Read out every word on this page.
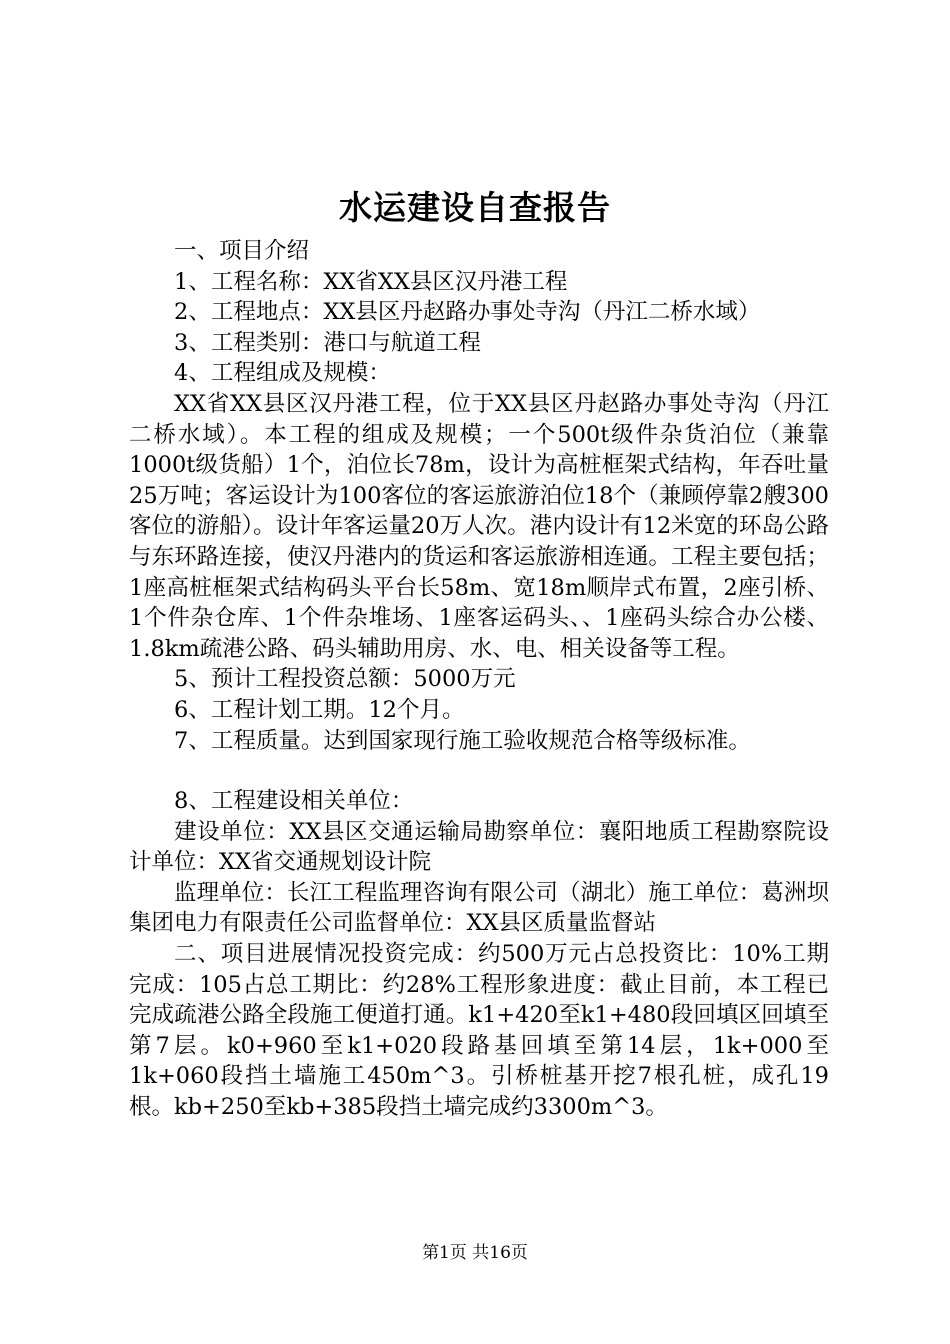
水运建设自查报告

一、项目介绍

1、工程名称：XX省XX县区汉丹港工程

2、工程地点：XX县区丹赵路办事处寺沟（丹江二桥水域）

3、工程类别：港口与航道工程

4、工程组成及规模：

XX省XX县区汉丹港工程，位于XX县区丹赵路办事处寺沟（丹江二桥水域）。本工程的组成及规模；一个500t级件杂货泊位（兼靠1000t级货船）1个，泊位长78m，设计为高桩框架式结构，年吞吐量25万吨；客运设计为100客位的客运旅游泊位18个（兼顾停靠2艘300客位的游船）。设计年客运量20万人次。港内设计有12米宽的环岛公路与东环路连接，使汉丹港内的货运和客运旅游相连通。工程主要包括；1座高桩框架式结构码头平台长58m、宽18m顺岸式布置，2座引桥、1个件杂仓库、1个件杂堆场、1座客运码头、、1座码头综合办公楼、1.8km疏港公路、码头辅助用房、水、电、相关设备等工程。

5、预计工程投资总额：5000万元

6、工程计划工期。12个月。

7、工程质量。达到国家现行施工验收规范合格等级标准。

8、工程建设相关单位：

建设单位：XX县区交通运输局勘察单位：襄阳地质工程勘察院设计单位：XX省交通规划设计院

监理单位：长江工程监理咨询有限公司（湖北）施工单位：葛洲坝集团电力有限责任公司监督单位：XX县区质量监督站

二、项目进展情况投资完成：约500万元占总投资比：10%工期完成：105占总工期比：约28%工程形象进度：截止目前，本工程已完成疏港公路全段施工便道打通。k1+420至k1+480段回填区回填至第7层。k0+960至k1+020段路基回填至第14层，1k+000至1k+060段挡土墙施工450m^3。引桥桩基开挖7根孔桩，成孔19根。kb+250至kb+385段挡土墙完成约3300m^3。

第1页 共16页
